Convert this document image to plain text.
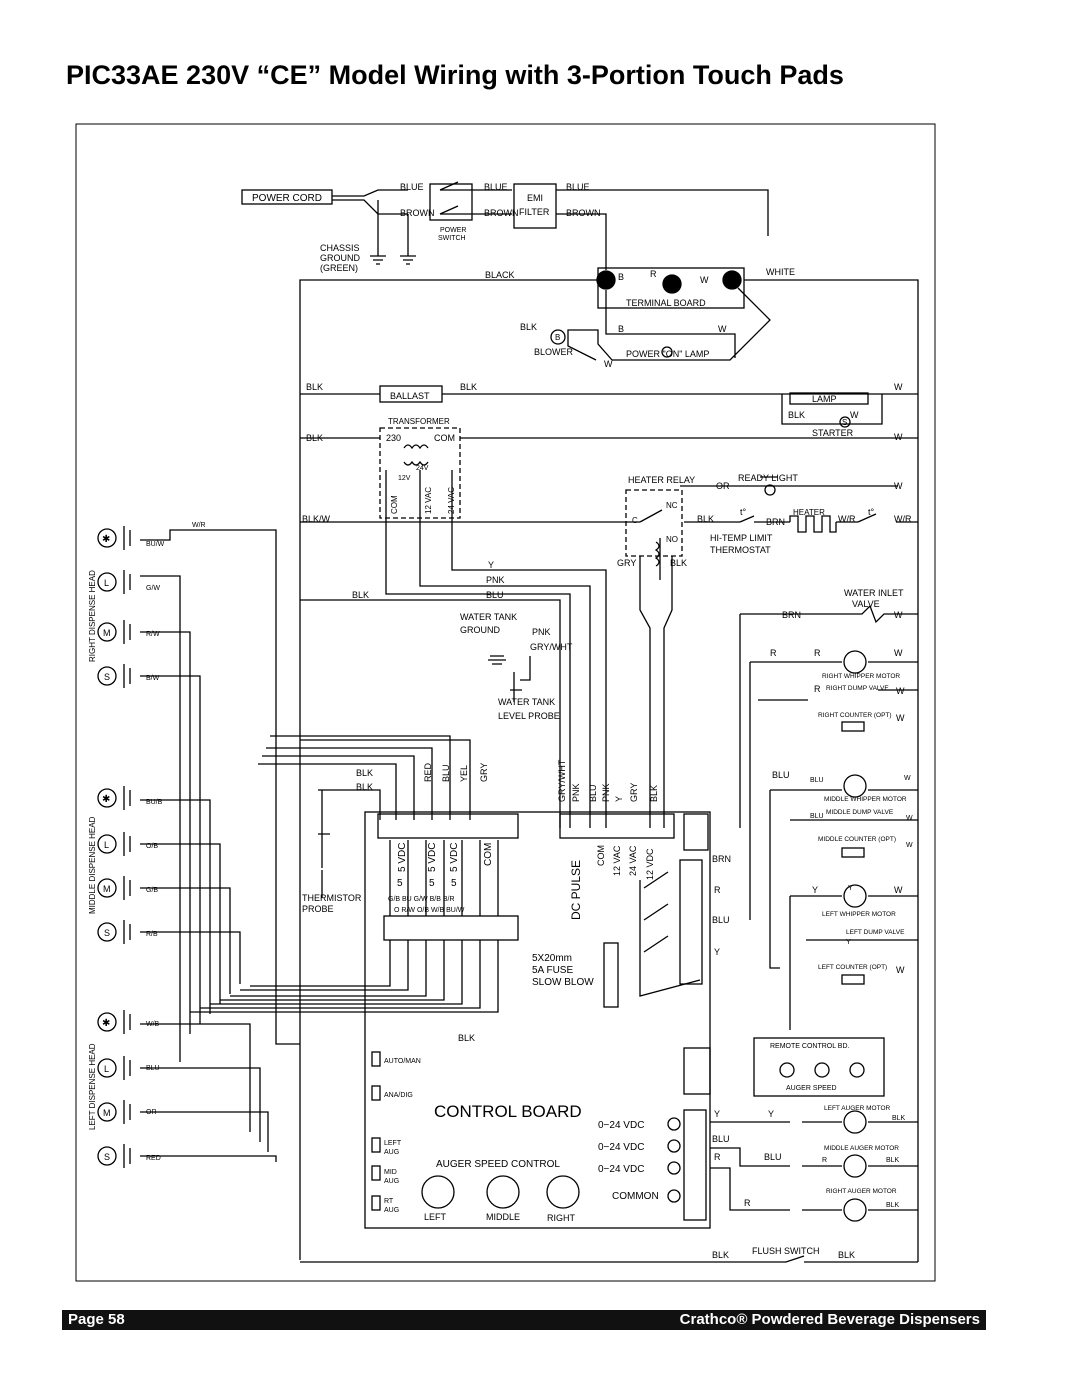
PIC33AE 230V “CE” Model Wiring with 3-Portion Touch Pads
POWER CORD
BLUE	BLUE	BLUE
BROWN	BROWN	BROWN
POWER
SWITCH
EMI
FILTER
CHASSIS
GROUND
(GREEN)
BLACK	WHITE
B	R
W
TERMINAL BOARD
BLK
B
B	W
BLOWER	POWER "ON" LAMP
W
BLK
BALLAST
BLK
LAMP
W
BLK
S
W
STARTER	W
TRANSFORMER
BLK	230	COM
24V
12V
COM	12 VAC 24 VAC
HEATER RELAY
OR
READY LIGHT
W
NC
C
NO
BLK/W	BLK
t°
BRN
HEATER
W/R
t°
W/R
HI-TEMP LIMIT
THERMOSTAT
GRY	BLK
Y
PNK
BLU
BLK	WATER INLET
VALVE
BRN	W
WATER TANK
GROUND	PNK
GRY/WHT
WATER TANK
LEVEL PROBE
R	R	W
RIGHT WHIPPER MOTOR
R RIGHT DUMP VALVE W
RIGHT COUNTER (OPT) W
BLU
BLU	W
MIDDLE WHIPPER MOTOR
BLU
MIDDLE DUMP VALVE
W
MIDDLE COUNTER (OPT)
W
Y	Y	W
LEFT WHIPPER MOTOR
LEFT DUMP VALVE
Y
LEFT COUNTER (OPT) W
BLK
BLK
RED BLU YEL GRY	GRY/WHT PNK BLU PNK Y GRY BLK
5 VDC 5 VDC 5 VDC COM
5	5 5	DC PULSE
COM 12 VAC 24 VAC 12 VDC	BRN
R
BLU
Y
THERMISTOR
PROBE
G/B BU G/W B/B B/R
O R/W O/B W/B BU/W
5X20mm
5A FUSE
SLOW BLOW
BLK
AUTO/MAN
ANA/DIG
CONTROL BOARD
LEFT
AUG
MID
AUG
RT
AUG
AUGER SPEED CONTROL
LEFT	MIDDLE	RIGHT
0−24 VDC
0−24 VDC
0−24 VDC
COMMON
REMOTE CONTROL BD.
AUGER SPEED
Y	Y
LEFT AUGER MOTOR
BLK
BLU
MIDDLE AUGER MOTOR
R	BLU	R	BLK
RIGHT AUGER MOTOR
R	BLK
BLK	FLUSH SWITCH BLK
W/R
BU/W
G/W
R/W
B/W
BU/B
O/B
G/B
R/B
W/B
BLU
OR
RED
RIGHT DISPENSE HEAD
MIDDLE DISPENSE HEAD
LEFT DISPENSE HEAD
✱
L
M
S
✱
L
M
S
✱
L
M
S
Page 58	Crathco® Powdered Beverage Dispensers
